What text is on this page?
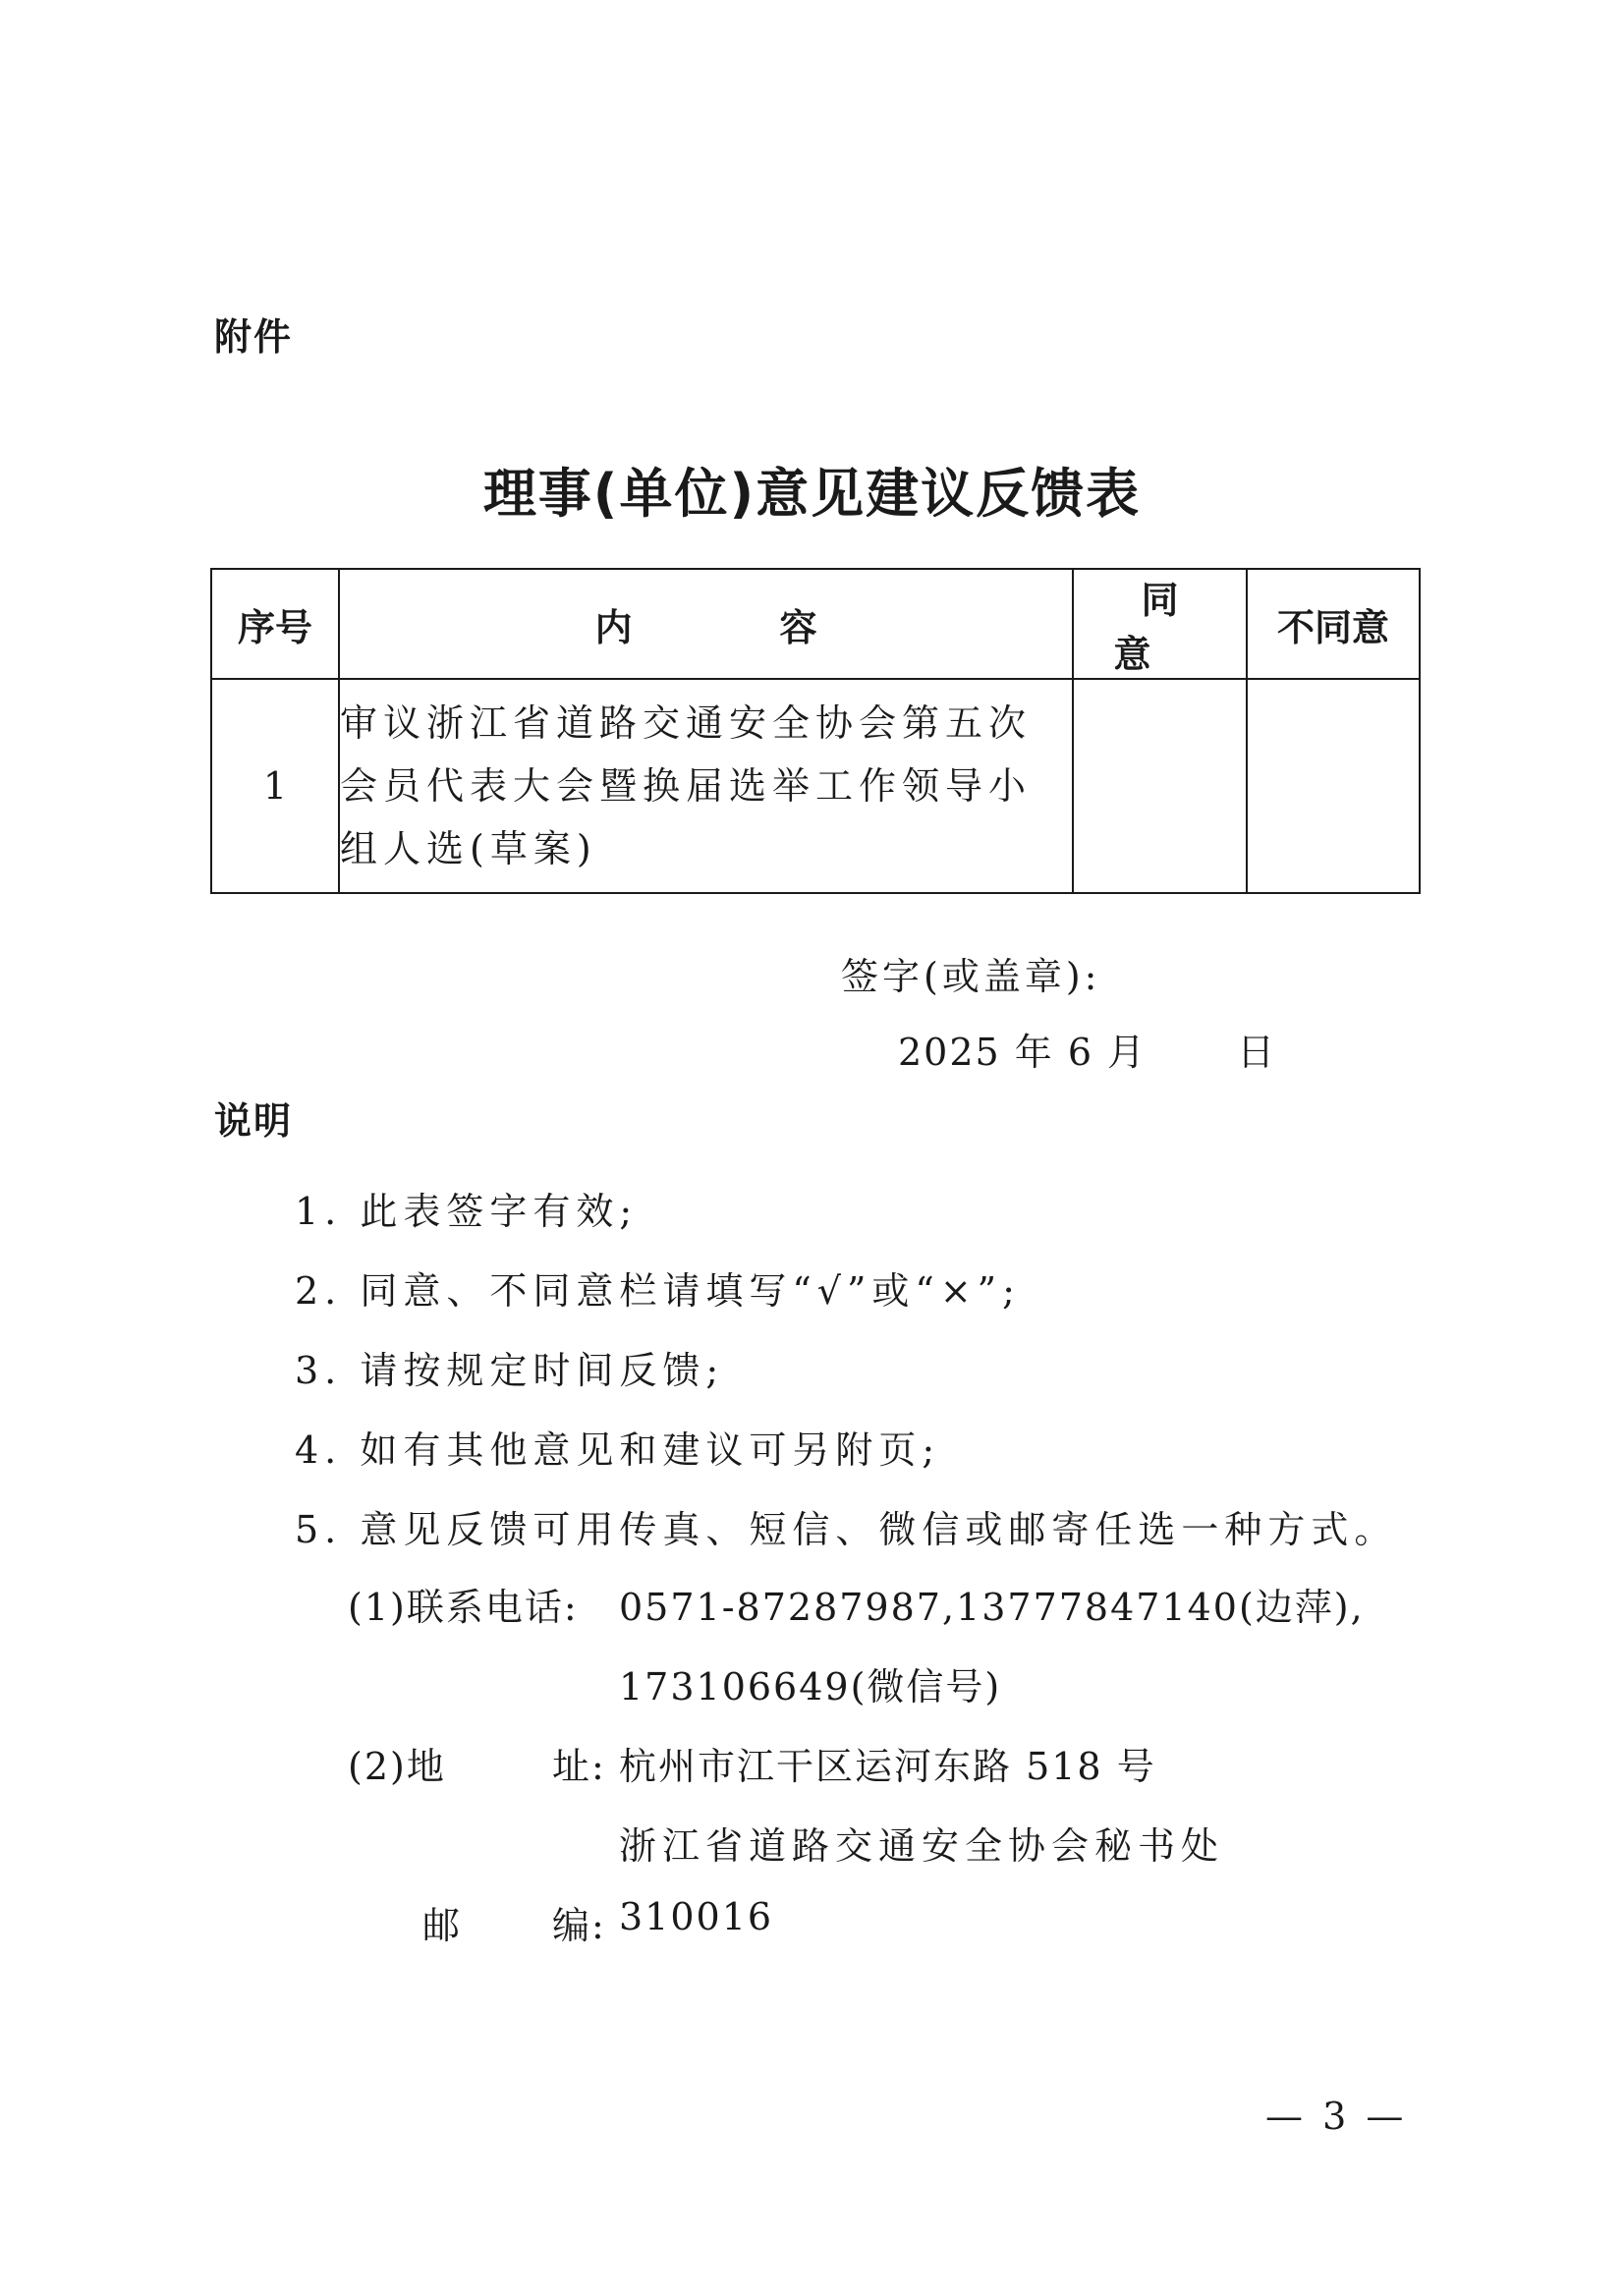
附件
理事(单位)意见建议反馈表
序号	内容	同意	不同意
1	审议浙江省道路交通安全协会第五次会员代表大会暨换届选举工作领导小组人选(草案)		
签字(或盖章):
2025 年 6 月 日
说明
1. 此表签字有效;
2. 同意、不同意栏请填写“√”或“×”;
3. 请按规定时间反馈;
4. 如有其他意见和建议可另附页;
5. 意见反馈可用传真、短信、微信或邮寄任选一种方式。
(1)联系电话: 0571-87287987,13777847140(边萍),
173106649(微信号)
(2)地	址: 杭州市江干区运河东路 518 号
浙江省道路交通安全协会秘书处
邮 编: 310016
— 3 —
